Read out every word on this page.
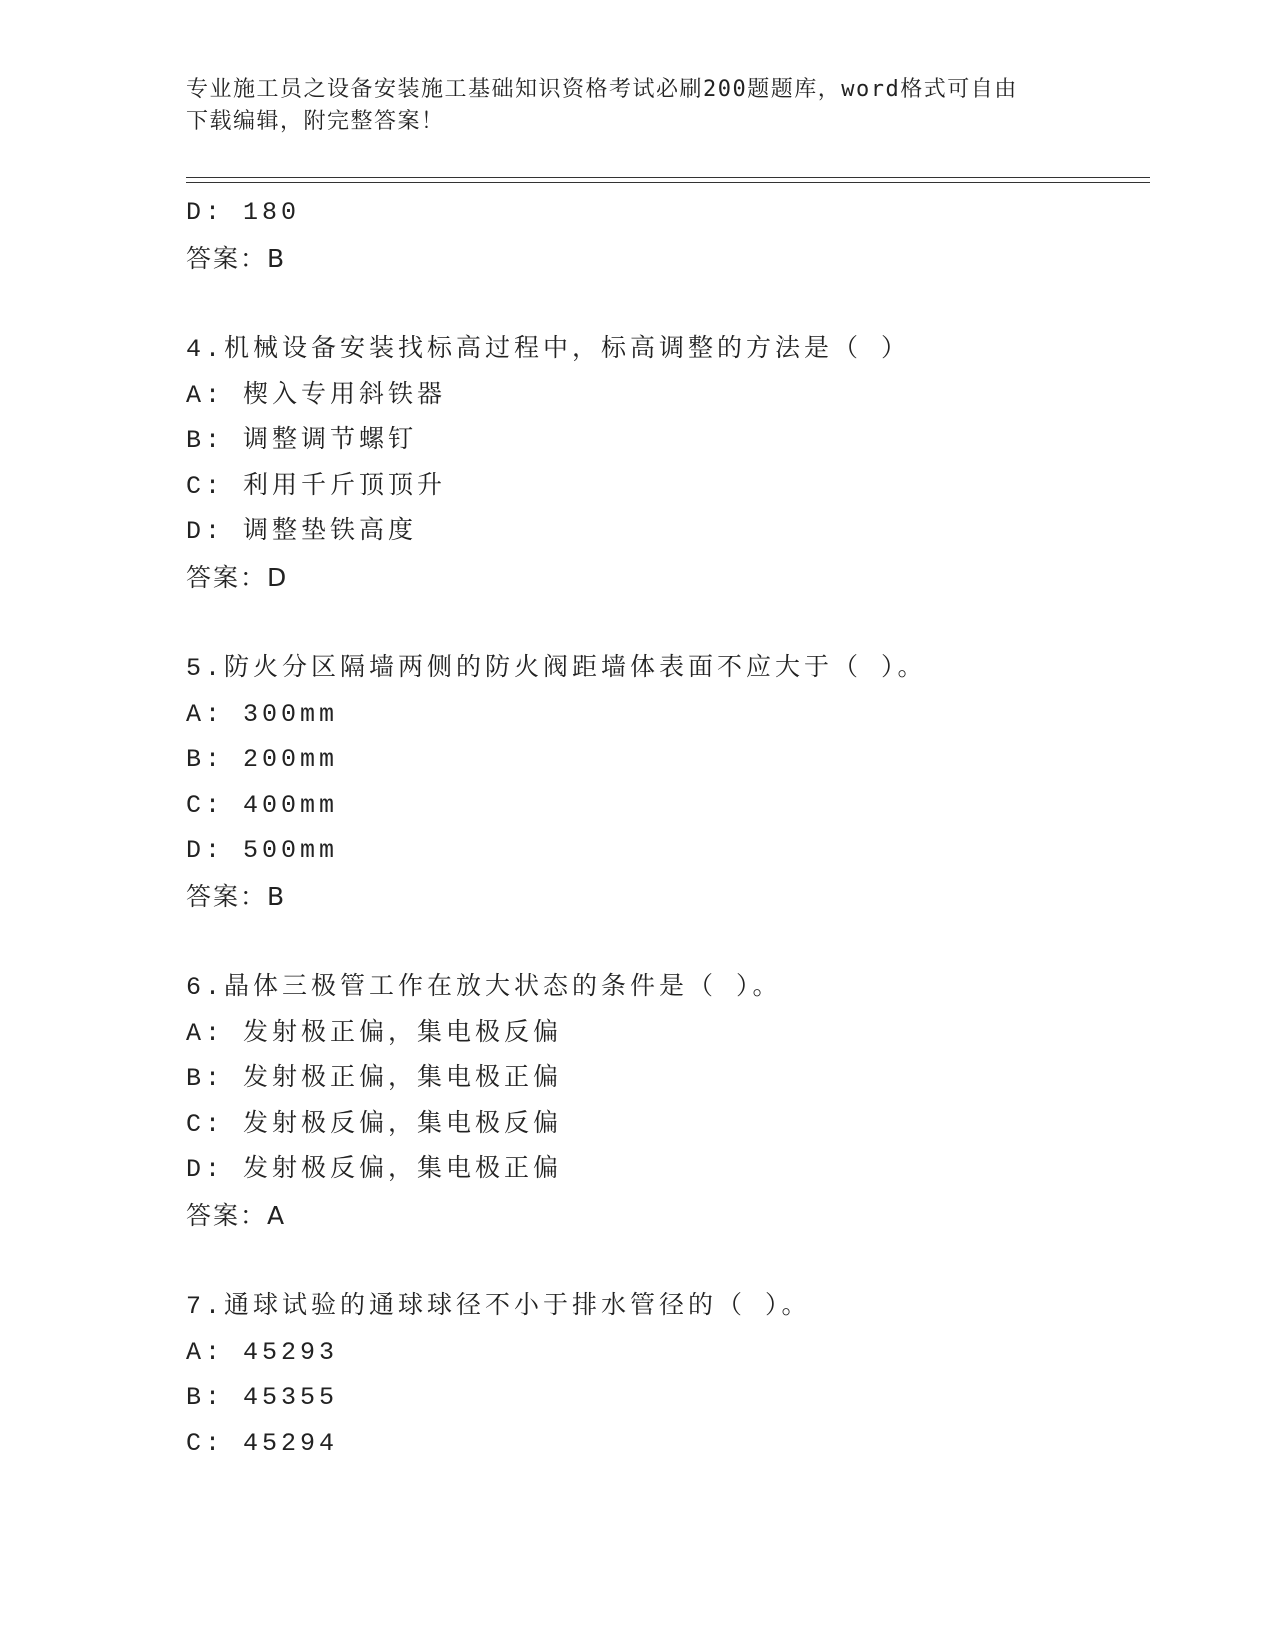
专业施工员之设备安装施工基础知识资格考试必刷200题题库，word格式可自由
下载编辑，附完整答案！
D: 180
答案：B
4.机械设备安装找标高过程中，标高调整的方法是（ ）
A: 楔入专用斜铁器
B: 调整调节螺钉
C: 利用千斤顶顶升
D: 调整垫铁高度
答案：D
5.防火分区隔墙两侧的防火阀距墙体表面不应大于（ ）。
A: 300mm
B: 200mm
C: 400mm
D: 500mm
答案：B
6.晶体三极管工作在放大状态的条件是（ ）。
A: 发射极正偏，集电极反偏
B: 发射极正偏，集电极正偏
C: 发射极反偏，集电极反偏
D: 发射极反偏，集电极正偏
答案：A
7.通球试验的通球球径不小于排水管径的（ ）。
A: 45293
B: 45355
C: 45294
